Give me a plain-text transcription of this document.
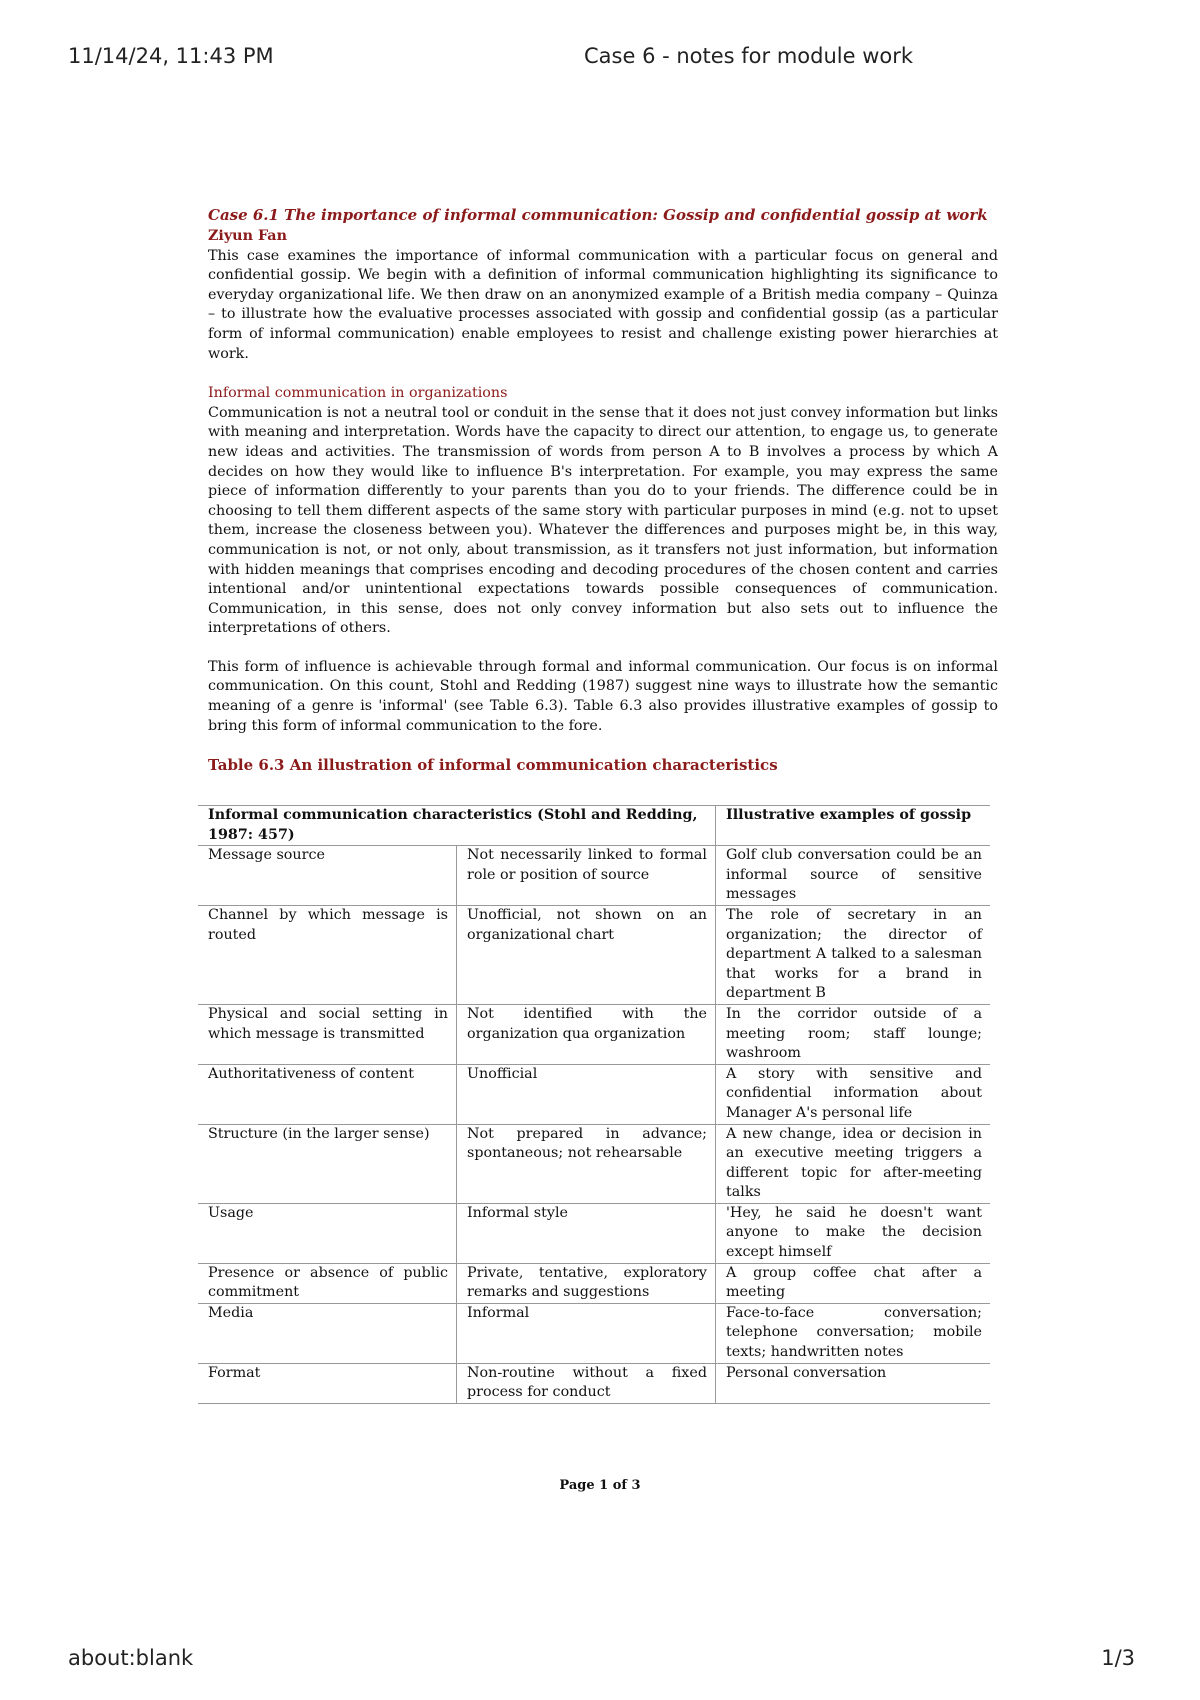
11/14/24, 11:43 PM	Case 6 - notes for module work

Case 6.1 The importance of informal communication: Gossip and confidential gossip at work

Ziyun Fan

This case examines the importance of informal communication with a particular focus on general and confidential gossip. We begin with a definition of informal communication highlighting its significance to everyday organizational life. We then draw on an anonymized example of a British media company – Quinza – to illustrate how the evaluative processes associated with gossip and confidential gossip (as a particular form of informal communication) enable employees to resist and challenge existing power hierarchies at work.

Informal communication in organizations

Communication is not a neutral tool or conduit in the sense that it does not just convey information but links with meaning and interpretation. Words have the capacity to direct our attention, to engage us, to generate new ideas and activities. The transmission of words from person A to B involves a process by which A decides on how they would like to influence B's interpretation. For example, you may express the same piece of information differently to your parents than you do to your friends. The difference could be in choosing to tell them different aspects of the same story with particular purposes in mind (e.g. not to upset them, increase the closeness between you). Whatever the differences and purposes might be, in this way, communication is not, or not only, about transmission, as it transfers not just information, but information with hidden meanings that comprises encoding and decoding procedures of the chosen content and carries intentional and/or unintentional expectations towards possible consequences of communication. Communication, in this sense, does not only convey information but also sets out to influence the interpretations of others.

This form of influence is achievable through formal and informal communication. Our focus is on informal communication. On this count, Stohl and Redding (1987) suggest nine ways to illustrate how the semantic meaning of a genre is 'informal' (see Table 6.3). Table 6.3 also provides illustrative examples of gossip to bring this form of informal communication to the fore.

Table 6.3 An illustration of informal communication characteristics

Informal communication characteristics (Stohl and Redding, 1987: 457)		Illustrative examples of gossip
Message source	Not necessarily linked to formal role or position of source	Golf club conversation could be an informal source of sensitive messages
Channel by which message is routed	Unofficial, not shown on an organizational chart	The role of secretary in an organization; the director of department A talked to a salesman that works for a brand in department B
Physical and social setting in which message is transmitted	Not identified with the organization qua organization	In the corridor outside of a meeting room; staff lounge; washroom
Authoritativeness of content	Unofficial	A story with sensitive and confidential information about Manager A's personal life
Structure (in the larger sense)	Not prepared in advance; spontaneous; not rehearsable	A new change, idea or decision in an executive meeting triggers a different topic for after-meeting talks
Usage	Informal style	'Hey, he said he doesn't want anyone to make the decision except himself
Presence or absence of public commitment	Private, tentative, exploratory remarks and suggestions	A group coffee chat after a meeting
Media	Informal	Face-to-face conversation; telephone conversation; mobile texts; handwritten notes
Format	Non-routine without a fixed process for conduct	Personal conversation
Page 1 of 3
about:blank	1/3
